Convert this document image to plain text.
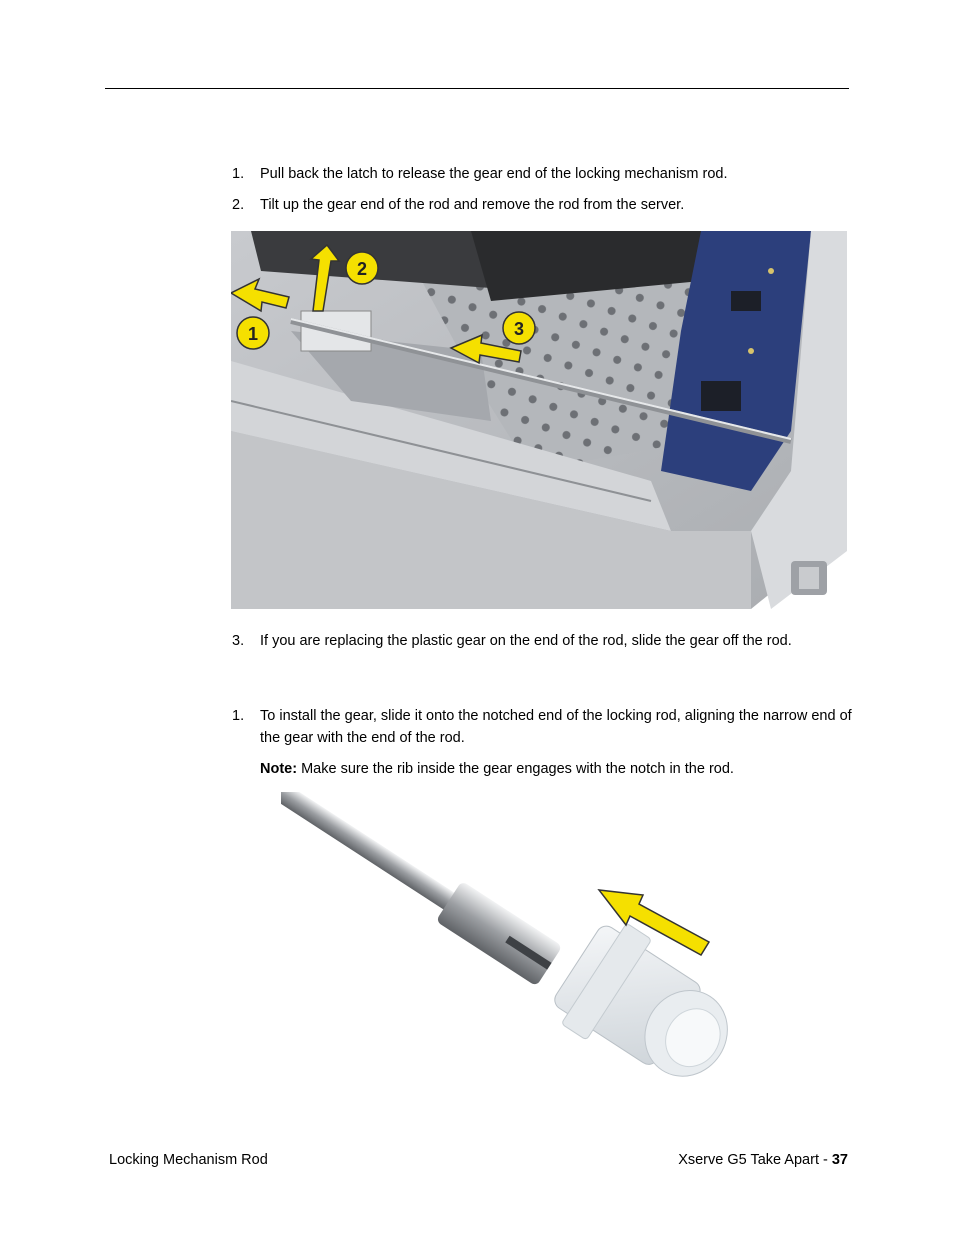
1. Pull back the latch to release the gear end of the locking mechanism rod.
2. Tilt up the gear end of the rod and remove the rod from the server.
1
2
3
3. If you are replacing the plastic gear on the end of the rod, slide the gear off the rod.
1. To install the gear, slide it onto the notched end of the locking rod, aligning the narrow end of the gear with the end of the rod.
Note: Make sure the rib inside the gear engages with the notch in the rod.
Locking Mechanism Rod	Xserve G5 Take Apart - 37
